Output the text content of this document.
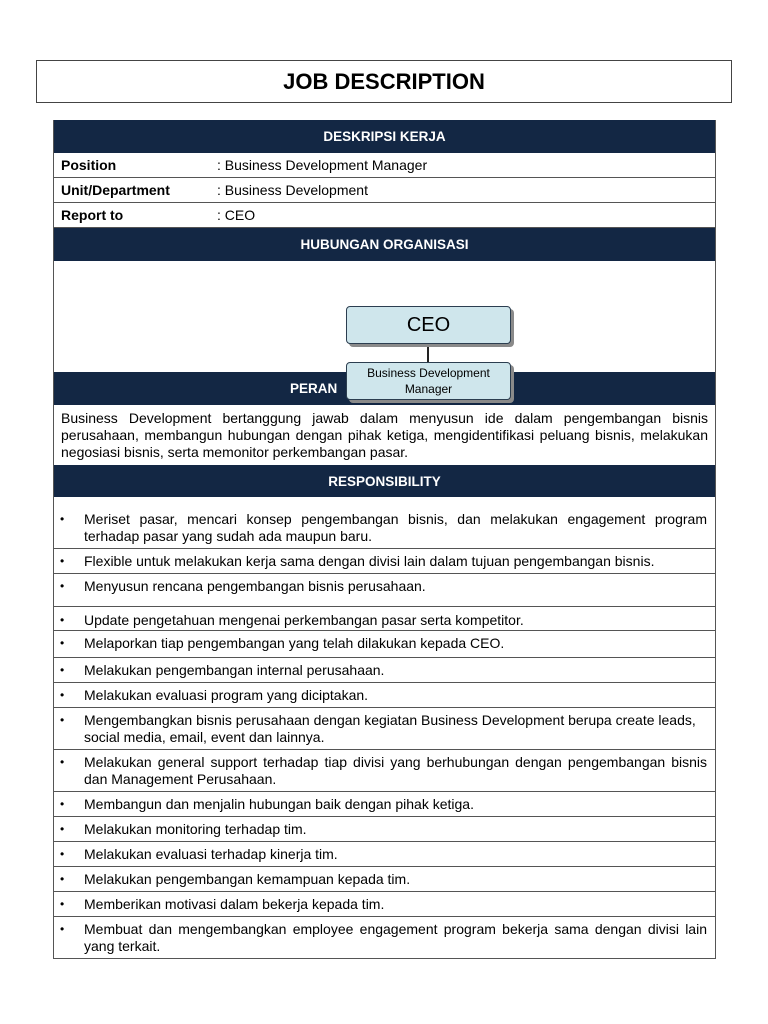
JOB DESCRIPTION
DESKRIPSI KERJA
Position	: Business Development Manager
Unit/Department	: Business Development
Report to	: CEO
HUBUNGAN ORGANISASI
CEO
Business Development
Manager
PERAN
Business Development bertanggung jawab dalam menyusun ide dalam pengembangan bisnis perusahaan, membangun hubungan dengan pihak ketiga, mengidentifikasi peluang bisnis, melakukan negosiasi bisnis, serta memonitor perkembangan pasar.
RESPONSIBILITY
•	Meriset pasar, mencari konsep pengembangan bisnis, dan melakukan engagement program terhadap pasar yang sudah ada maupun baru.
•	Flexible untuk melakukan kerja sama dengan divisi lain dalam tujuan pengembangan bisnis.
•	Menyusun rencana pengembangan bisnis perusahaan.
•	Update pengetahuan mengenai perkembangan pasar serta kompetitor.
•	Melaporkan tiap pengembangan yang telah dilakukan kepada CEO.
•	Melakukan pengembangan internal perusahaan.
•	Melakukan evaluasi program yang diciptakan.
•	Mengembangkan bisnis perusahaan dengan kegiatan Business Development berupa create leads, social media, email, event dan lainnya.
•	Melakukan general support terhadap tiap divisi yang berhubungan dengan pengembangan bisnis dan Management Perusahaan.
•	Membangun dan menjalin hubungan baik dengan pihak ketiga.
•	Melakukan monitoring terhadap tim.
•	Melakukan evaluasi terhadap kinerja tim.
•	Melakukan pengembangan kemampuan kepada tim.
•	Memberikan motivasi dalam bekerja kepada tim.
•	Membuat dan mengembangkan employee engagement program bekerja sama dengan divisi lain yang terkait.
